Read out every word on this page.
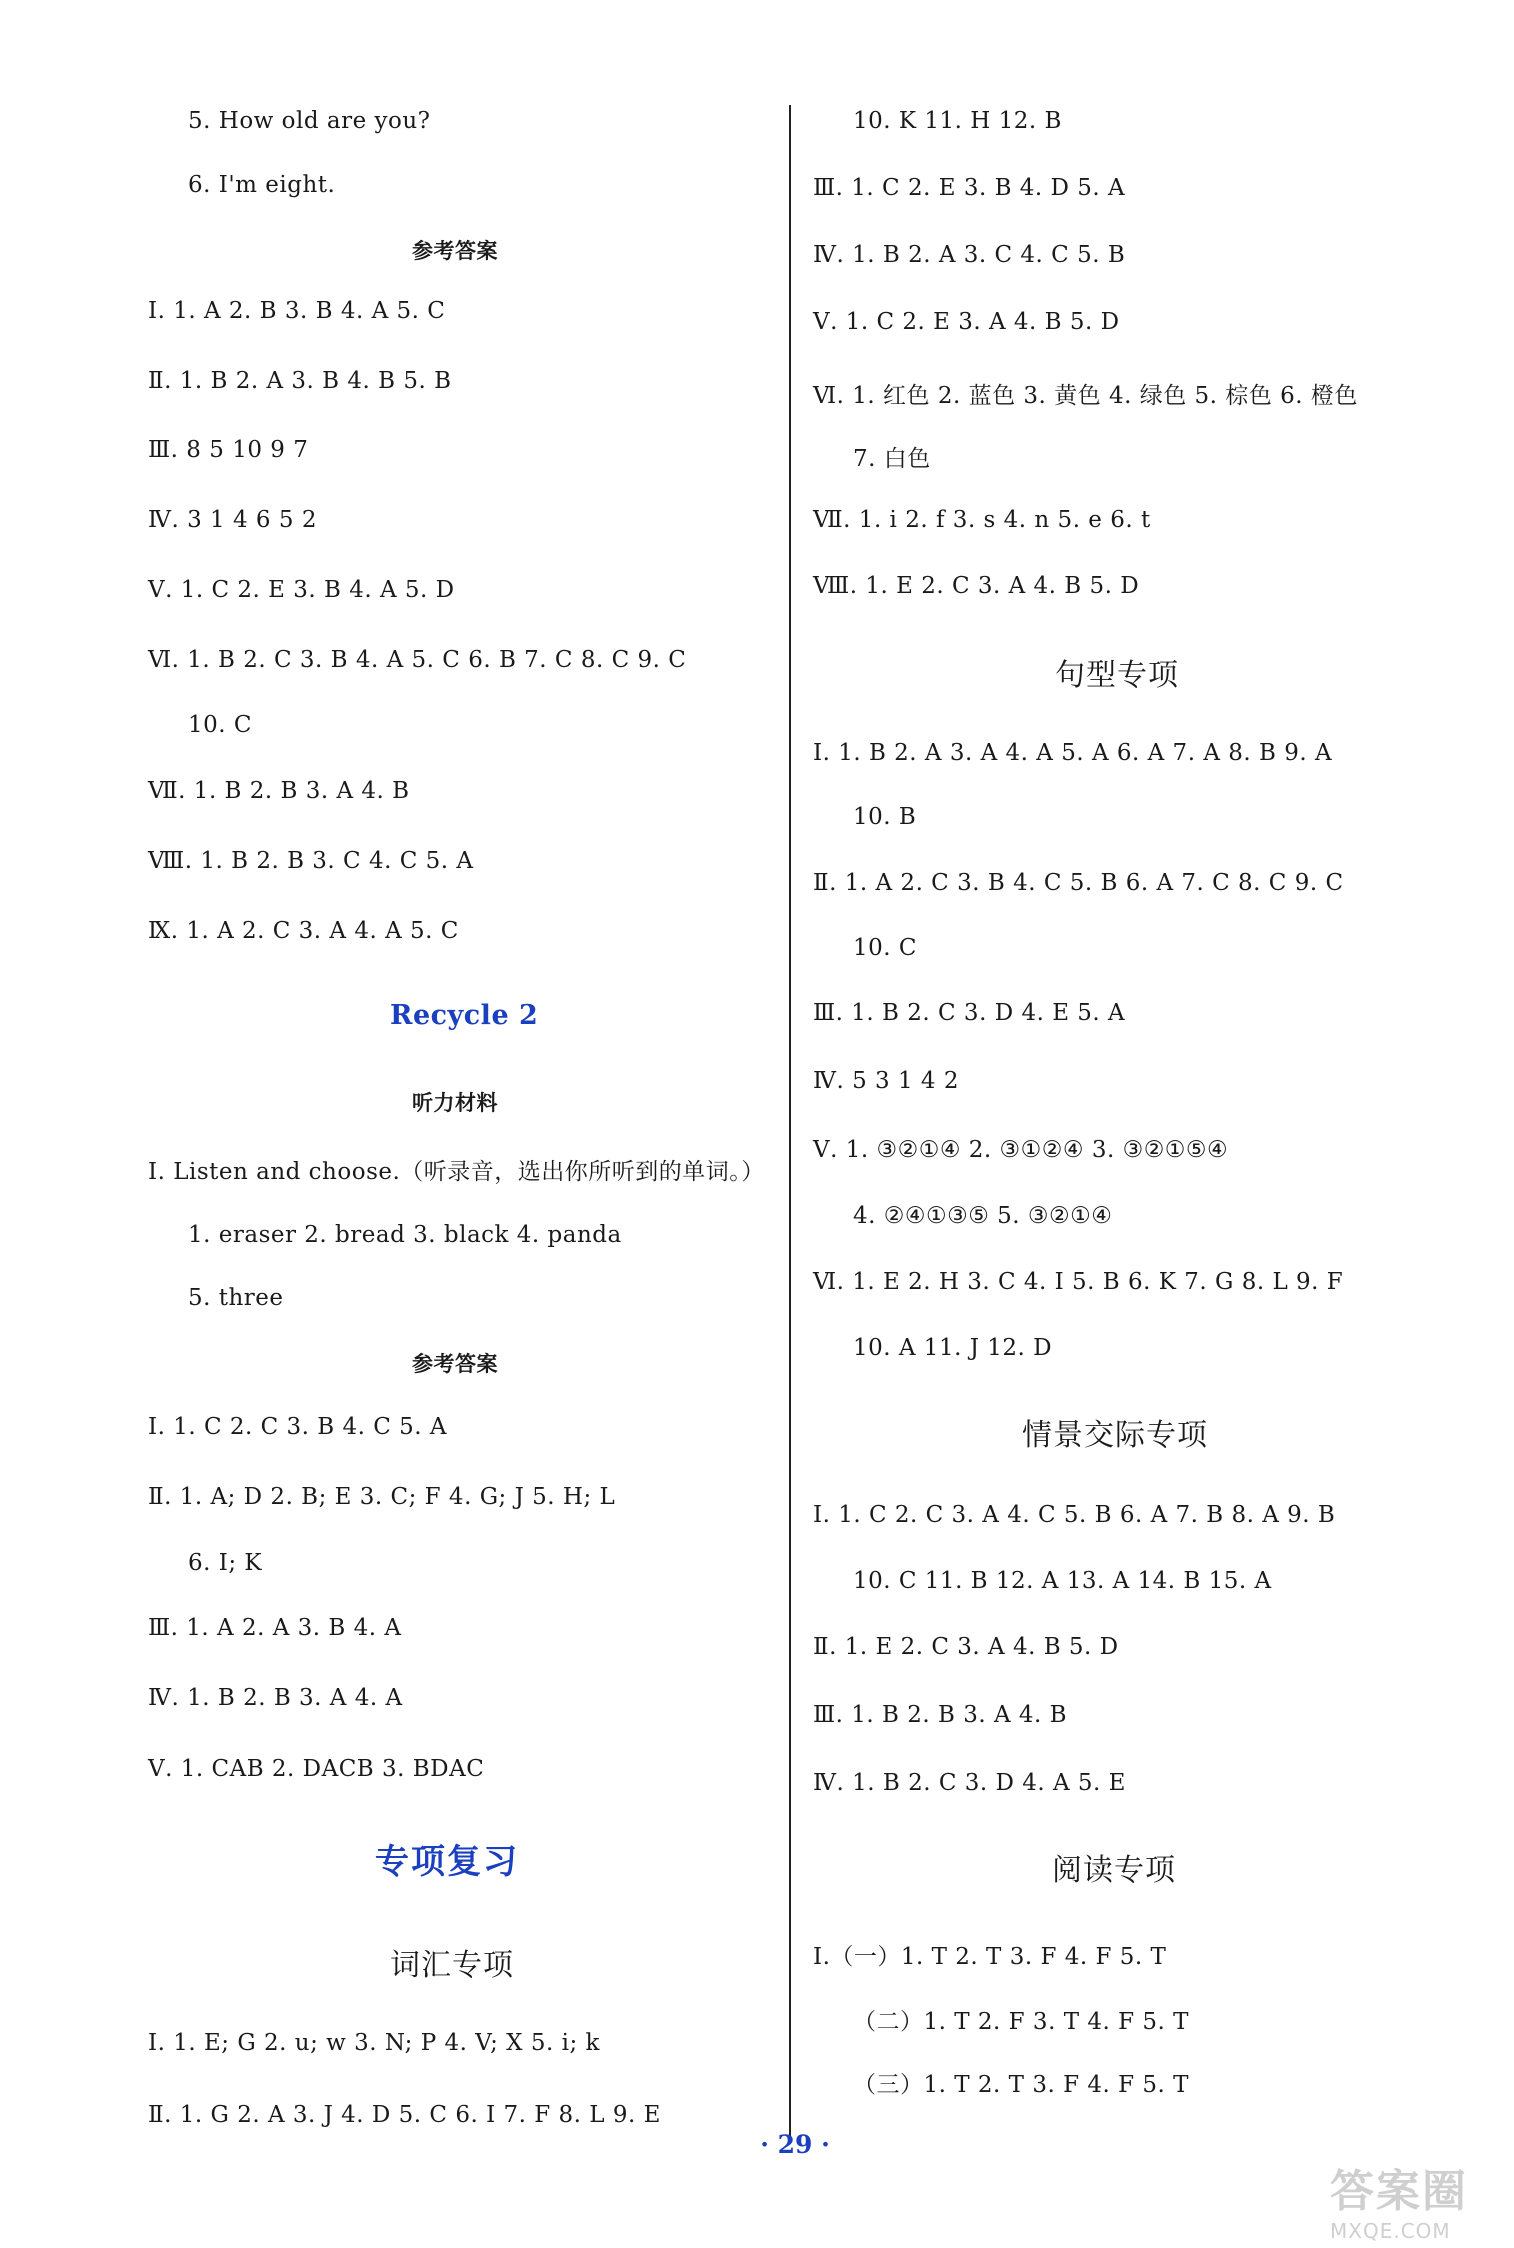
5. How old are you?
6. I'm eight.
参考答案
Ⅰ. 1. A 2. B 3. B 4. A 5. C
Ⅱ. 1. B 2. A 3. B 4. B 5. B
Ⅲ. 8 5 10 9 7
Ⅳ. 3 1 4 6 5 2
Ⅴ. 1. C 2. E 3. B 4. A 5. D
Ⅵ. 1. B 2. C 3. B 4. A 5. C 6. B 7. C 8. C 9. C
10. C
Ⅶ. 1. B 2. B 3. A 4. B
Ⅷ. 1. B 2. B 3. C 4. C 5. A
Ⅸ. 1. A 2. C 3. A 4. A 5. C
Recycle 2
听力材料
Ⅰ. Listen and choose.（听录音，选出你所听到的单词。）
1. eraser 2. bread 3. black 4. panda
5. three
参考答案
Ⅰ. 1. C 2. C 3. B 4. C 5. A
Ⅱ. 1. A; D 2. B; E 3. C; F 4. G; J 5. H; L
6. I; K
Ⅲ. 1. A 2. A 3. B 4. A
Ⅳ. 1. B 2. B 3. A 4. A
Ⅴ. 1. CAB 2. DACB 3. BDAC
专项复习
词汇专项
Ⅰ. 1. E; G 2. u; w 3. N; P 4. V; X 5. i; k
Ⅱ. 1. G 2. A 3. J 4. D 5. C 6. I 7. F 8. L 9. E
10. K 11. H 12. B
Ⅲ. 1. C 2. E 3. B 4. D 5. A
Ⅳ. 1. B 2. A 3. C 4. C 5. B
Ⅴ. 1. C 2. E 3. A 4. B 5. D
Ⅵ. 1. 红色 2. 蓝色 3. 黄色 4. 绿色 5. 棕色 6. 橙色
7. 白色
Ⅶ. 1. i 2. f 3. s 4. n 5. e 6. t
Ⅷ. 1. E 2. C 3. A 4. B 5. D
句型专项
Ⅰ. 1. B 2. A 3. A 4. A 5. A 6. A 7. A 8. B 9. A
10. B
Ⅱ. 1. A 2. C 3. B 4. C 5. B 6. A 7. C 8. C 9. C
10. C
Ⅲ. 1. B 2. C 3. D 4. E 5. A
Ⅳ. 5 3 1 4 2
Ⅴ. 1. ③②①④ 2. ③①②④ 3. ③②①⑤④
4. ②④①③⑤ 5. ③②①④
Ⅵ. 1. E 2. H 3. C 4. I 5. B 6. K 7. G 8. L 9. F
10. A 11. J 12. D
情景交际专项
Ⅰ. 1. C 2. C 3. A 4. C 5. B 6. A 7. B 8. A 9. B
10. C 11. B 12. A 13. A 14. B 15. A
Ⅱ. 1. E 2. C 3. A 4. B 5. D
Ⅲ. 1. B 2. B 3. A 4. B
Ⅳ. 1. B 2. C 3. D 4. A 5. E
阅读专项
Ⅰ.（一）1. T 2. T 3. F 4. F 5. T
（二）1. T 2. F 3. T 4. F 5. T
（三）1. T 2. T 3. F 4. F 5. T
· 29 ·
答案圈
MXQE.COM
